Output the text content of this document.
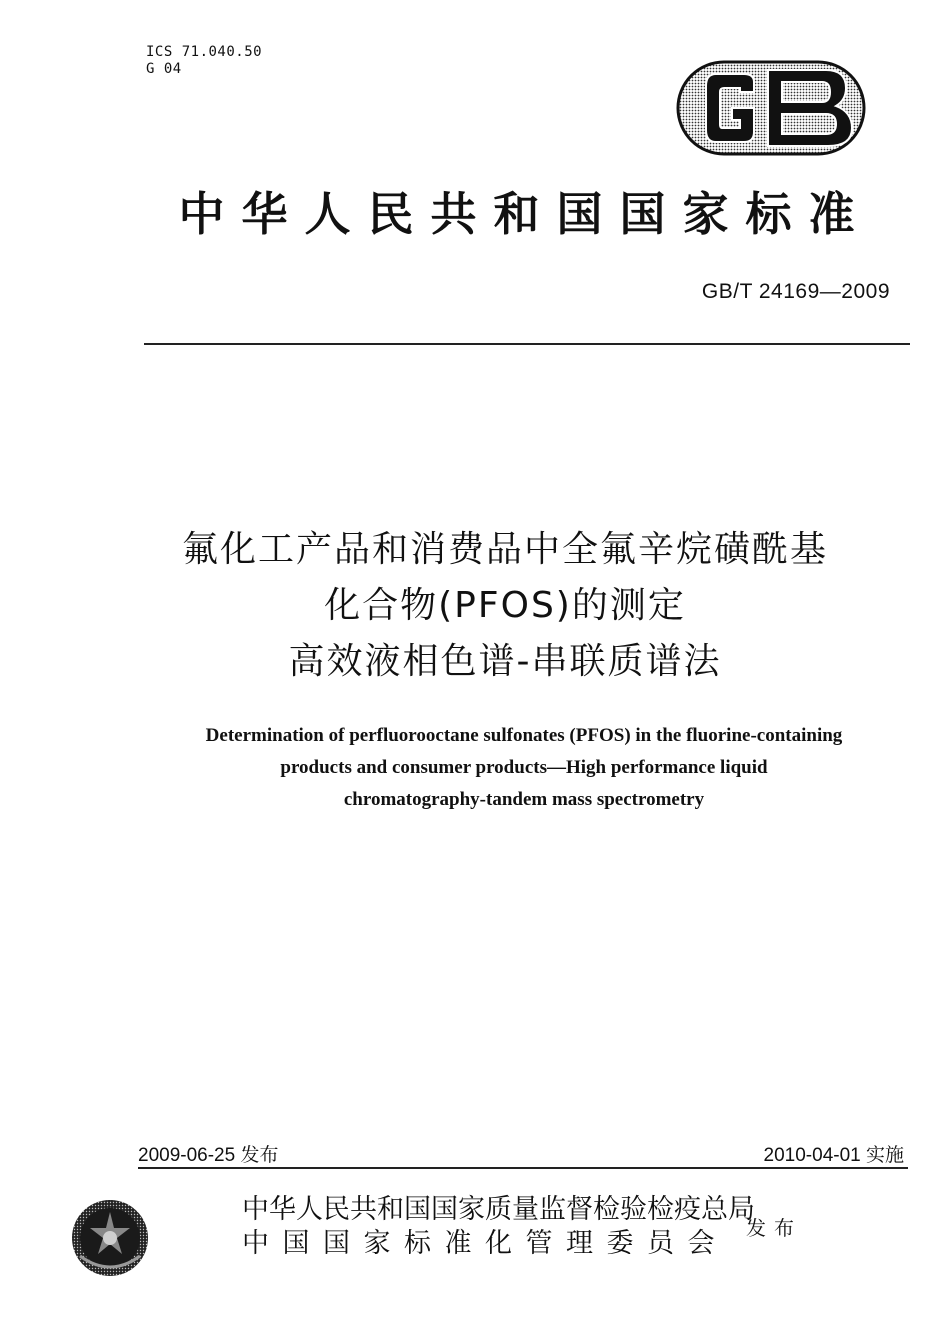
ICS 71.040.50
G 04
中华人民共和国国家标准
GB/T 24169—2009
氟化工产品和消费品中全氟辛烷磺酰基
化合物(PFOS)的测定
高效液相色谱-串联质谱法
Determination of perfluorooctane sulfonates (PFOS) in the fluorine-containing
products and consumer products—High performance liquid
chromatography-tandem mass spectrometry
2009-06-25 发布	2010-04-01 实施
中华人民共和国国家质量监督检验检疫总局
中国国家标准化管理委员会 发布
